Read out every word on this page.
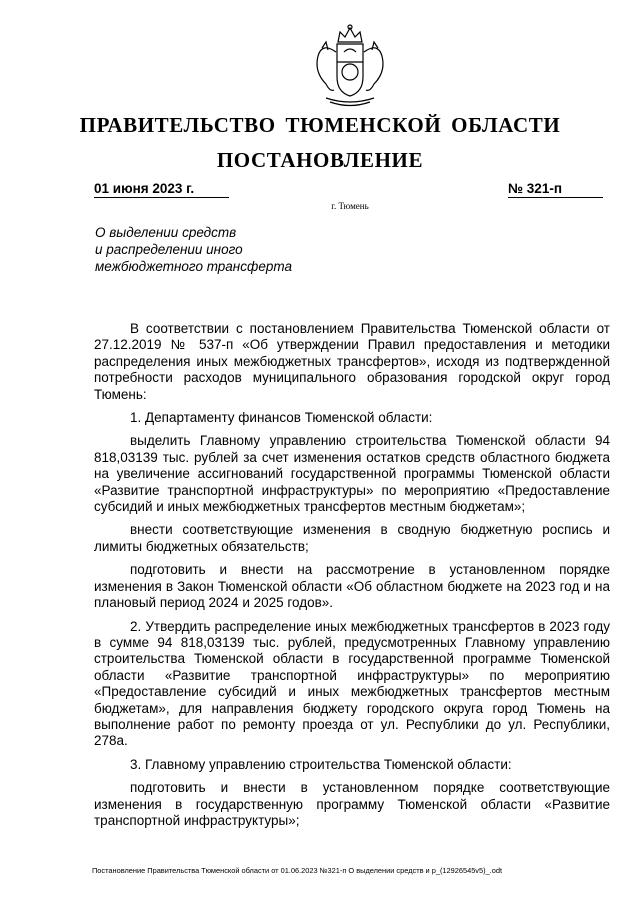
ПРАВИТЕЛЬСТВО ТЮМЕНСКОЙ ОБЛАСТИ
ПОСТАНОВЛЕНИЕ
01 июня 2023 г.	№ 321-п
г. Тюмень
О выделении средств
и распределении иного
межбюджетного трансферта

В соответствии с постановлением Правительства Тюменской области от 27.12.2019 № 537-п «Об утверждении Правил предоставления и методики распределения иных межбюджетных трансфертов», исходя из подтвержденной потребности расходов муниципального образования городской округ город Тюмень:

1. Департаменту финансов Тюменской области:

выделить Главному управлению строительства Тюменской области 94 818,03139 тыс. рублей за счет изменения остатков средств областного бюджета на увеличение ассигнований государственной программы Тюменской области «Развитие транспортной инфраструктуры» по мероприятию «Предоставление субсидий и иных межбюджетных трансфертов местным бюджетам»;

внести соответствующие изменения в сводную бюджетную роспись и лимиты бюджетных обязательств;

подготовить и внести на рассмотрение в установленном порядке изменения в Закон Тюменской области «Об областном бюджете на 2023 год и на плановый период 2024 и 2025 годов».

2. Утвердить распределение иных межбюджетных трансфертов в 2023 году в сумме 94 818,03139 тыс. рублей, предусмотренных Главному управлению строительства Тюменской области в государственной программе Тюменской области «Развитие транспортной инфраструктуры» по мероприятию «Предоставление субсидий и иных межбюджетных трансфертов местным бюджетам», для направления бюджету городского округа город Тюмень на выполнение работ по ремонту проезда от ул. Республики до ул. Республики, 278а.

3. Главному управлению строительства Тюменской области:

подготовить и внести в установленном порядке соответствующие изменения в государственную программу Тюменской области «Развитие транспортной инфраструктуры»;

Постановление Правительства Тюменской области от 01.06.2023 №321-п О выделении средств и р_(12926545v5)_.odt
